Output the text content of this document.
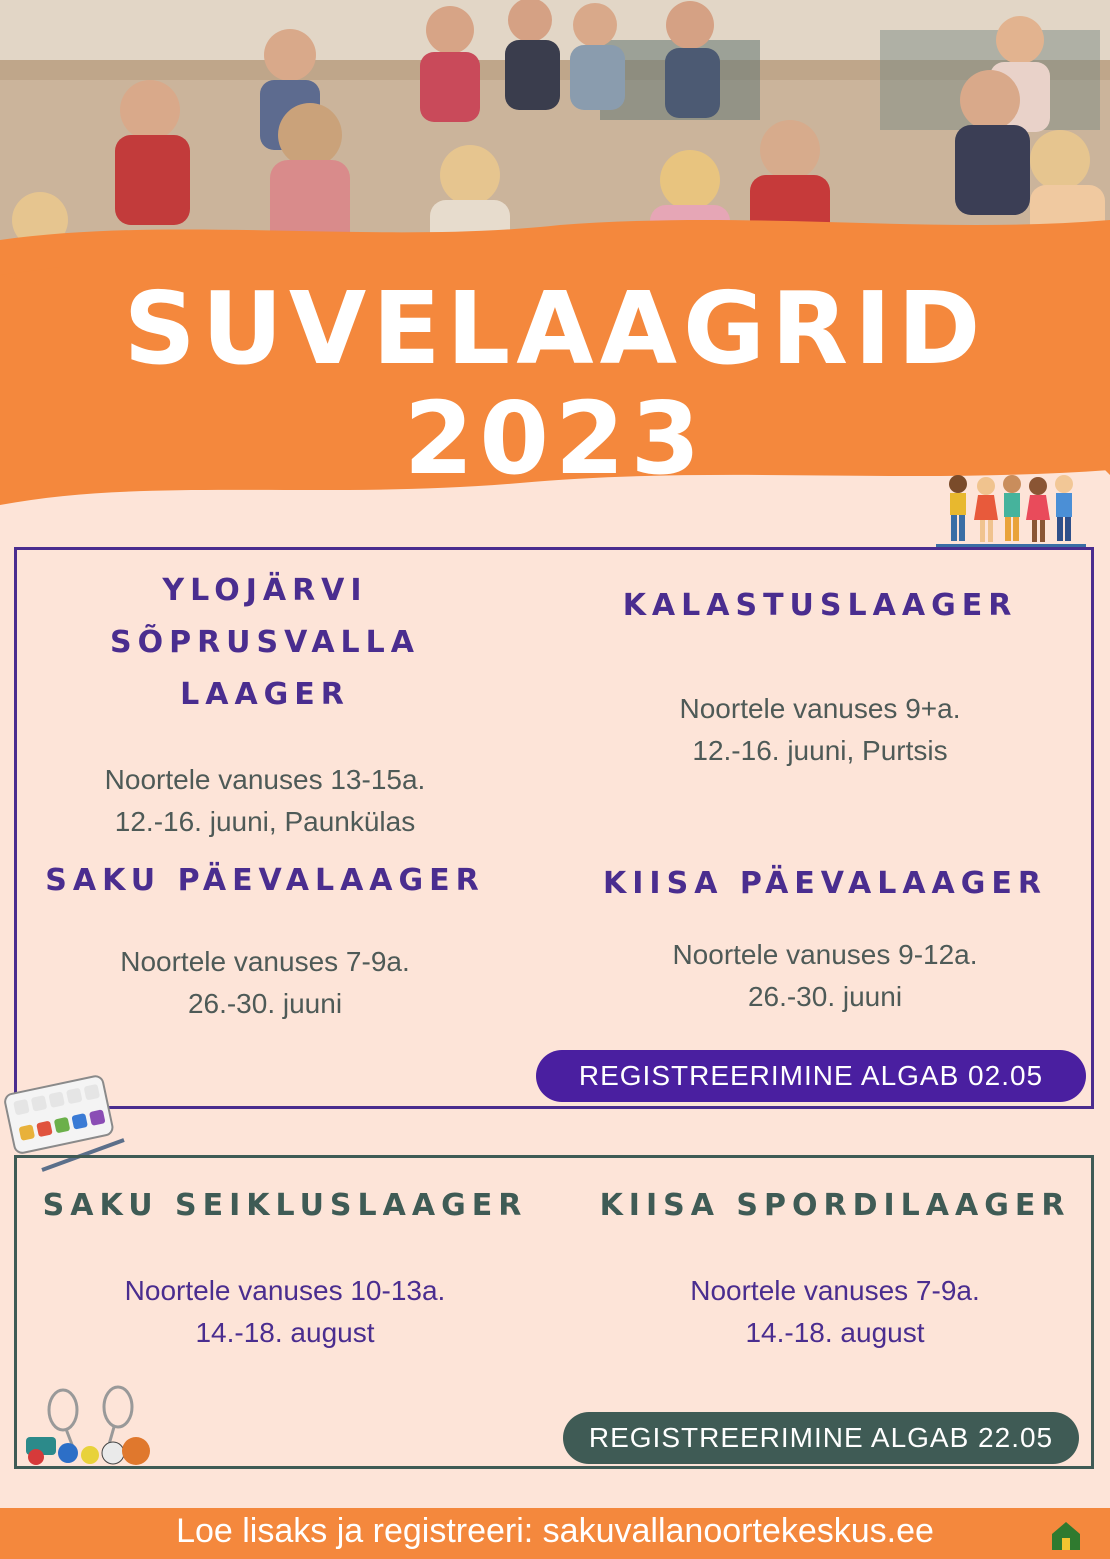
SUVELAAGRID
2023
YLOJÄRVI
SÕPRUSVALLA LAAGER

Noortele vanuses 13-15a.

12.-16. juuni, Paunkülas

KALASTUSLAAGER

Noortele vanuses 9+a.

12.-16. juuni, Purtsis

SAKU PÄEVALAAGER

Noortele vanuses 7-9a.

26.-30. juuni

KIISA PÄEVALAAGER

Noortele vanuses 9-12a.

26.-30. juuni

REGISTREERIMINE ALGAB 02.05
SAKU SEIKLUSLAAGER

Noortele vanuses 10-13a.

14.-18. august

KIISA SPORDILAAGER

Noortele vanuses 7-9a.

14.-18. august

REGISTREERIMINE ALGAB 22.05
Loe lisaks ja registreeri: sakuvallanoortekeskus.ee
